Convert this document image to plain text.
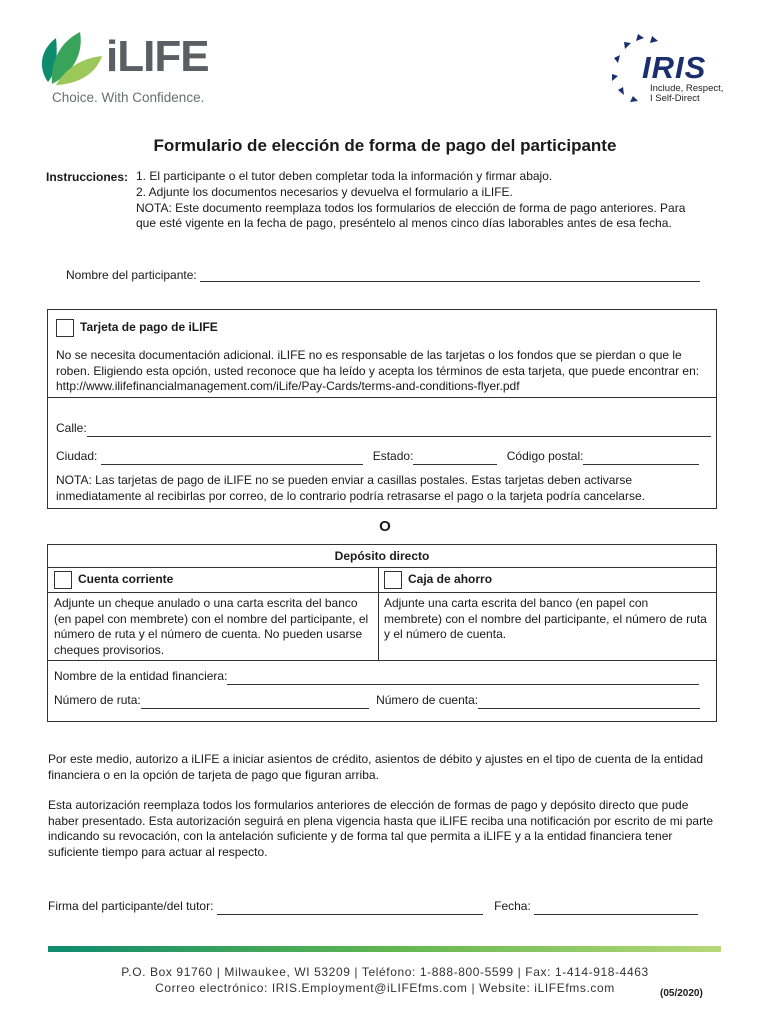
iLIFE
Choice. With Confidence.
IRIS
Include, Respect,
I Self-Direct
Formulario de elección de forma de pago del participante
Instrucciones: 1. El participante o el tutor deben completar toda la información y firmar abajo.
2. Adjunte los documentos necesarios y devuelva el formulario a iLIFE.
NOTA: Este documento reemplaza todos los formularios de elección de forma de pago anteriores. Para
que esté vigente en la fecha de pago, preséntelo al menos cinco días laborables antes de esa fecha.
Nombre del participante:
Tarjeta de pago de iLIFE
No se necesita documentación adicional. iLIFE no es responsable de las tarjetas o los fondos que se pierdan o que le roben. Eligiendo esta opción, usted reconoce que ha leído y acepta los términos de esta tarjeta, que puede encontrar en: http://www.ilifefinancialmanagement.com/iLife/Pay-Cards/terms-and-conditions-flyer.pdf
Calle:
Ciudad:	Estado:	Código postal:
NOTA: Las tarjetas de pago de iLIFE no se pueden enviar a casillas postales. Estas tarjetas deben activarse inmediatamente al recibirlas por correo, de lo contrario podría retrasarse el pago o la tarjeta podría cancelarse.
O
Depósito directo
Cuenta corriente	Caja de ahorro
Adjunte un cheque anulado o una carta escrita del banco (en papel con membrete) con el nombre del participante, el número de ruta y el número de cuenta. No pueden usarse cheques provisorios.
Adjunte una carta escrita del banco (en papel con membrete) con el nombre del participante, el número de ruta y el número de cuenta.
Nombre de la entidad financiera:
Número de ruta:	Número de cuenta:
Por este medio, autorizo a iLIFE a iniciar asientos de crédito, asientos de débito y ajustes en el tipo de cuenta de la entidad financiera o en la opción de tarjeta de pago que figuran arriba.
Esta autorización reemplaza todos los formularios anteriores de elección de formas de pago y depósito directo que pude haber presentado. Esta autorización seguirá en plena vigencia hasta que iLIFE reciba una notificación por escrito de mi parte indicando su revocación, con la antelación suficiente y de forma tal que permita a iLIFE y a la entidad financiera tener suficiente tiempo para actuar al respecto.
Firma del participante/del tutor:	Fecha:
P.O. Box 91760 | Milwaukee, WI 53209 | Teléfono: 1-888-800-5599 | Fax: 1-414-918-4463
Correo electrónico: IRIS.Employment@iLIFEfms.com | Website: iLIFEfms.com	(05/2020)
